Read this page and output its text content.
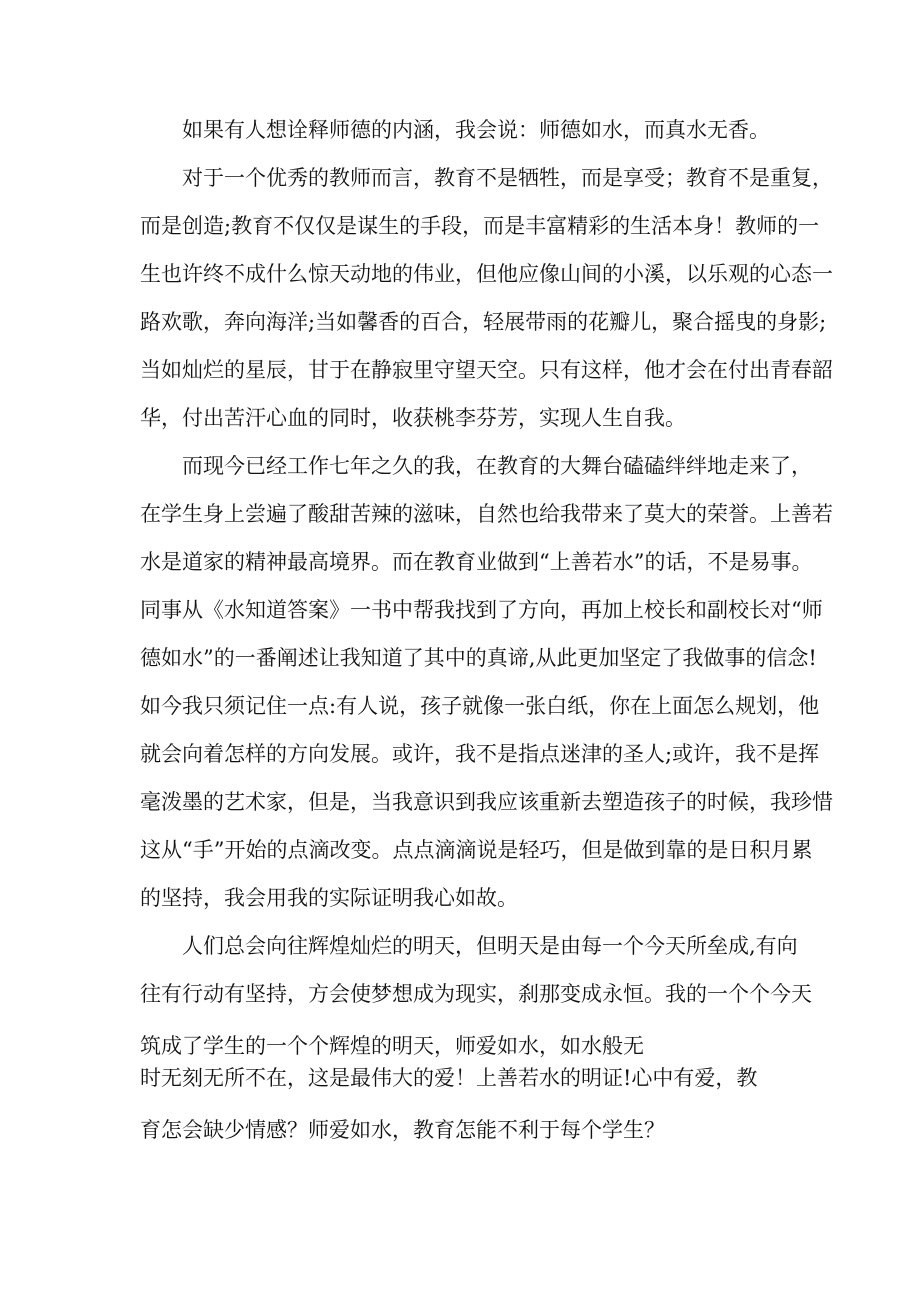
如果有人想诠释师德的内涵，我会说：师德如水，而真水无香。
对于一个优秀的教师而言，教育不是牺牲，而是享受；教育不是重复，
而是创造;教育不仅仅是谋生的手段，而是丰富精彩的生活本身！教师的一
生也许终不成什么惊天动地的伟业，但他应像山间的小溪，以乐观的心态一
路欢歌，奔向海洋;当如馨香的百合，轻展带雨的花瓣儿，聚合摇曳的身影;
当如灿烂的星辰，甘于在静寂里守望天空。只有这样，他才会在付出青春韶
华，付出苦汗心血的同时，收获桃李芬芳，实现人生自我。
而现今已经工作七年之久的我，在教育的大舞台磕磕绊绊地走来了，
在学生身上尝遍了酸甜苦辣的滋味，自然也给我带来了莫大的荣誉。上善若
水是道家的精神最高境界。而在教育业做到“上善若水”的话，不是易事。
同事从《水知道答案》一书中帮我找到了方向，再加上校长和副校长对“师
德如水”的一番阐述让我知道了其中的真谛,从此更加坚定了我做事的信念!
如今我只须记住一点:有人说，孩子就像一张白纸，你在上面怎么规划，他
就会向着怎样的方向发展。或许，我不是指点迷津的圣人;或许，我不是挥
毫泼墨的艺术家，但是，当我意识到我应该重新去塑造孩子的时候，我珍惜
这从“手”开始的点滴改变。点点滴滴说是轻巧，但是做到靠的是日积月累
的坚持，我会用我的实际证明我心如故。
人们总会向往辉煌灿烂的明天，但明天是由每一个今天所垒成,有向
往有行动有坚持，方会使梦想成为现实，刹那变成永恒。我的一个个今天
筑成了学生的一个个辉煌的明天，师爱如水，如水般无
时无刻无所不在，这是最伟大的爱！上善若水的明证!心中有爱，教
育怎会缺少情感？师爱如水，教育怎能不利于每个学生？
